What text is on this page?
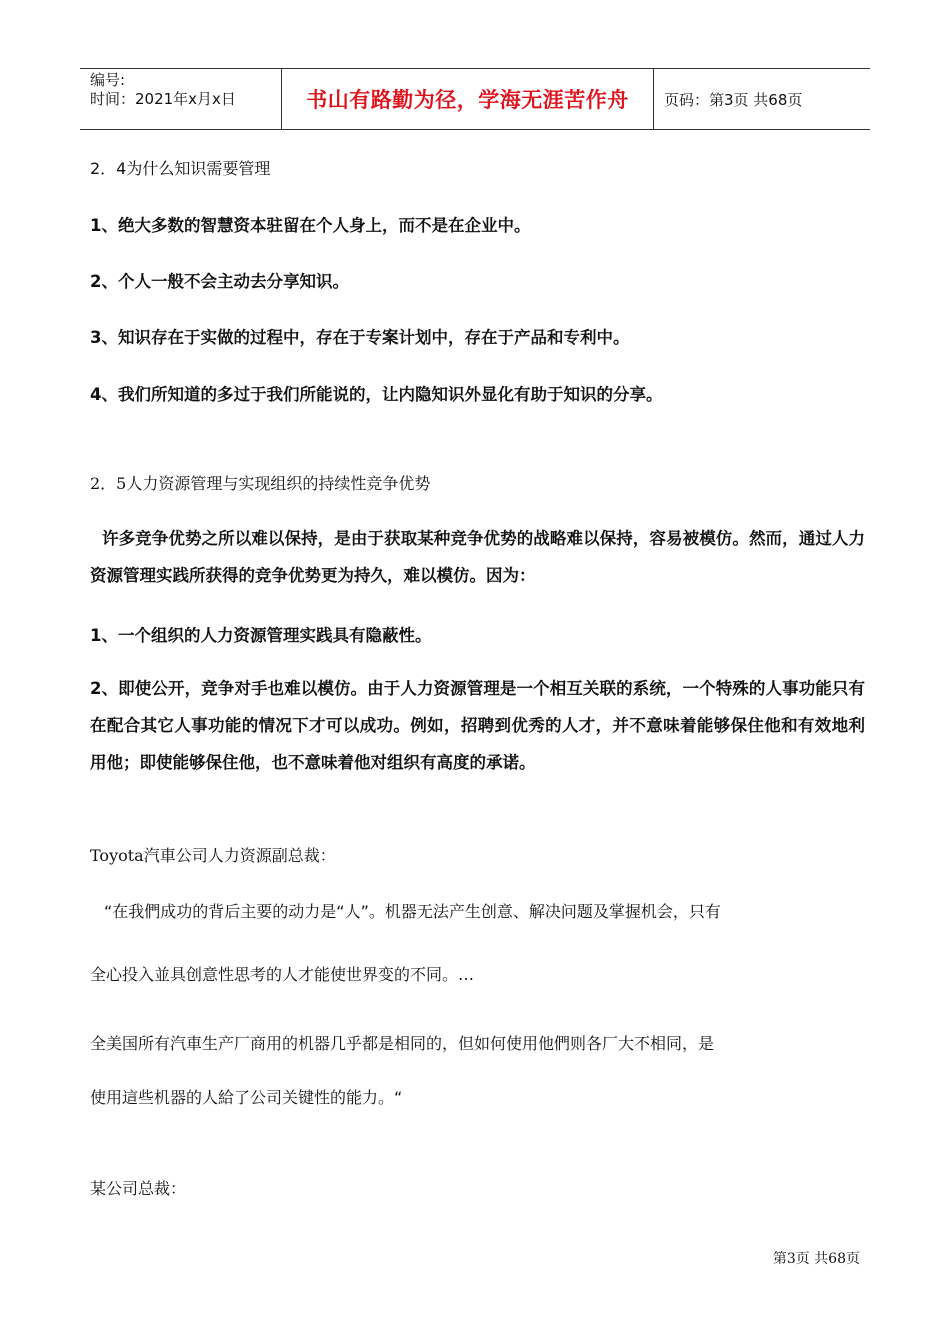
编号:
时间：2021年x月x日	书山有路勤为径，学海无涯苦作舟	页码：第3页 共68页
2．4为什么知识需要管理
1、绝大多数的智慧资本驻留在个人身上，而不是在企业中。
2、个人一般不会主动去分享知识。
3、知识存在于实做的过程中，存在于专案计划中，存在于产品和专利中。
4、我们所知道的多过于我们所能说的，让内隐知识外显化有助于知识的分享。
2．5人力资源管理与实现组织的持续性竞争优势
许多竞争优势之所以难以保持，是由于获取某种竞争优势的战略难以保持，容易被模仿。然而，通过人力资源管理实践所获得的竞争优势更为持久，难以模仿。因为：
1、一个组织的人力资源管理实践具有隐蔽性。
2、即使公开，竞争对手也难以模仿。由于人力资源管理是一个相互关联的系统，一个特殊的人事功能只有在配合其它人事功能的情况下才可以成功。例如，招聘到优秀的人才，并不意味着能够保住他和有效地利用他；即使能够保住他，也不意味着他对组织有高度的承诺。
Toyota汽車公司人力资源副总裁：
“在我們成功的背后主要的动力是“人”。机器无法产生创意、解决问题及掌握机会，只有
全心投入並具创意性思考的人才能使世界变的不同。…
全美国所有汽車生产厂商用的机器几乎都是相同的，但如何使用他們则各厂大不相同，是
使用這些机器的人給了公司关键性的能力。“
某公司总裁：
第3页 共68页
